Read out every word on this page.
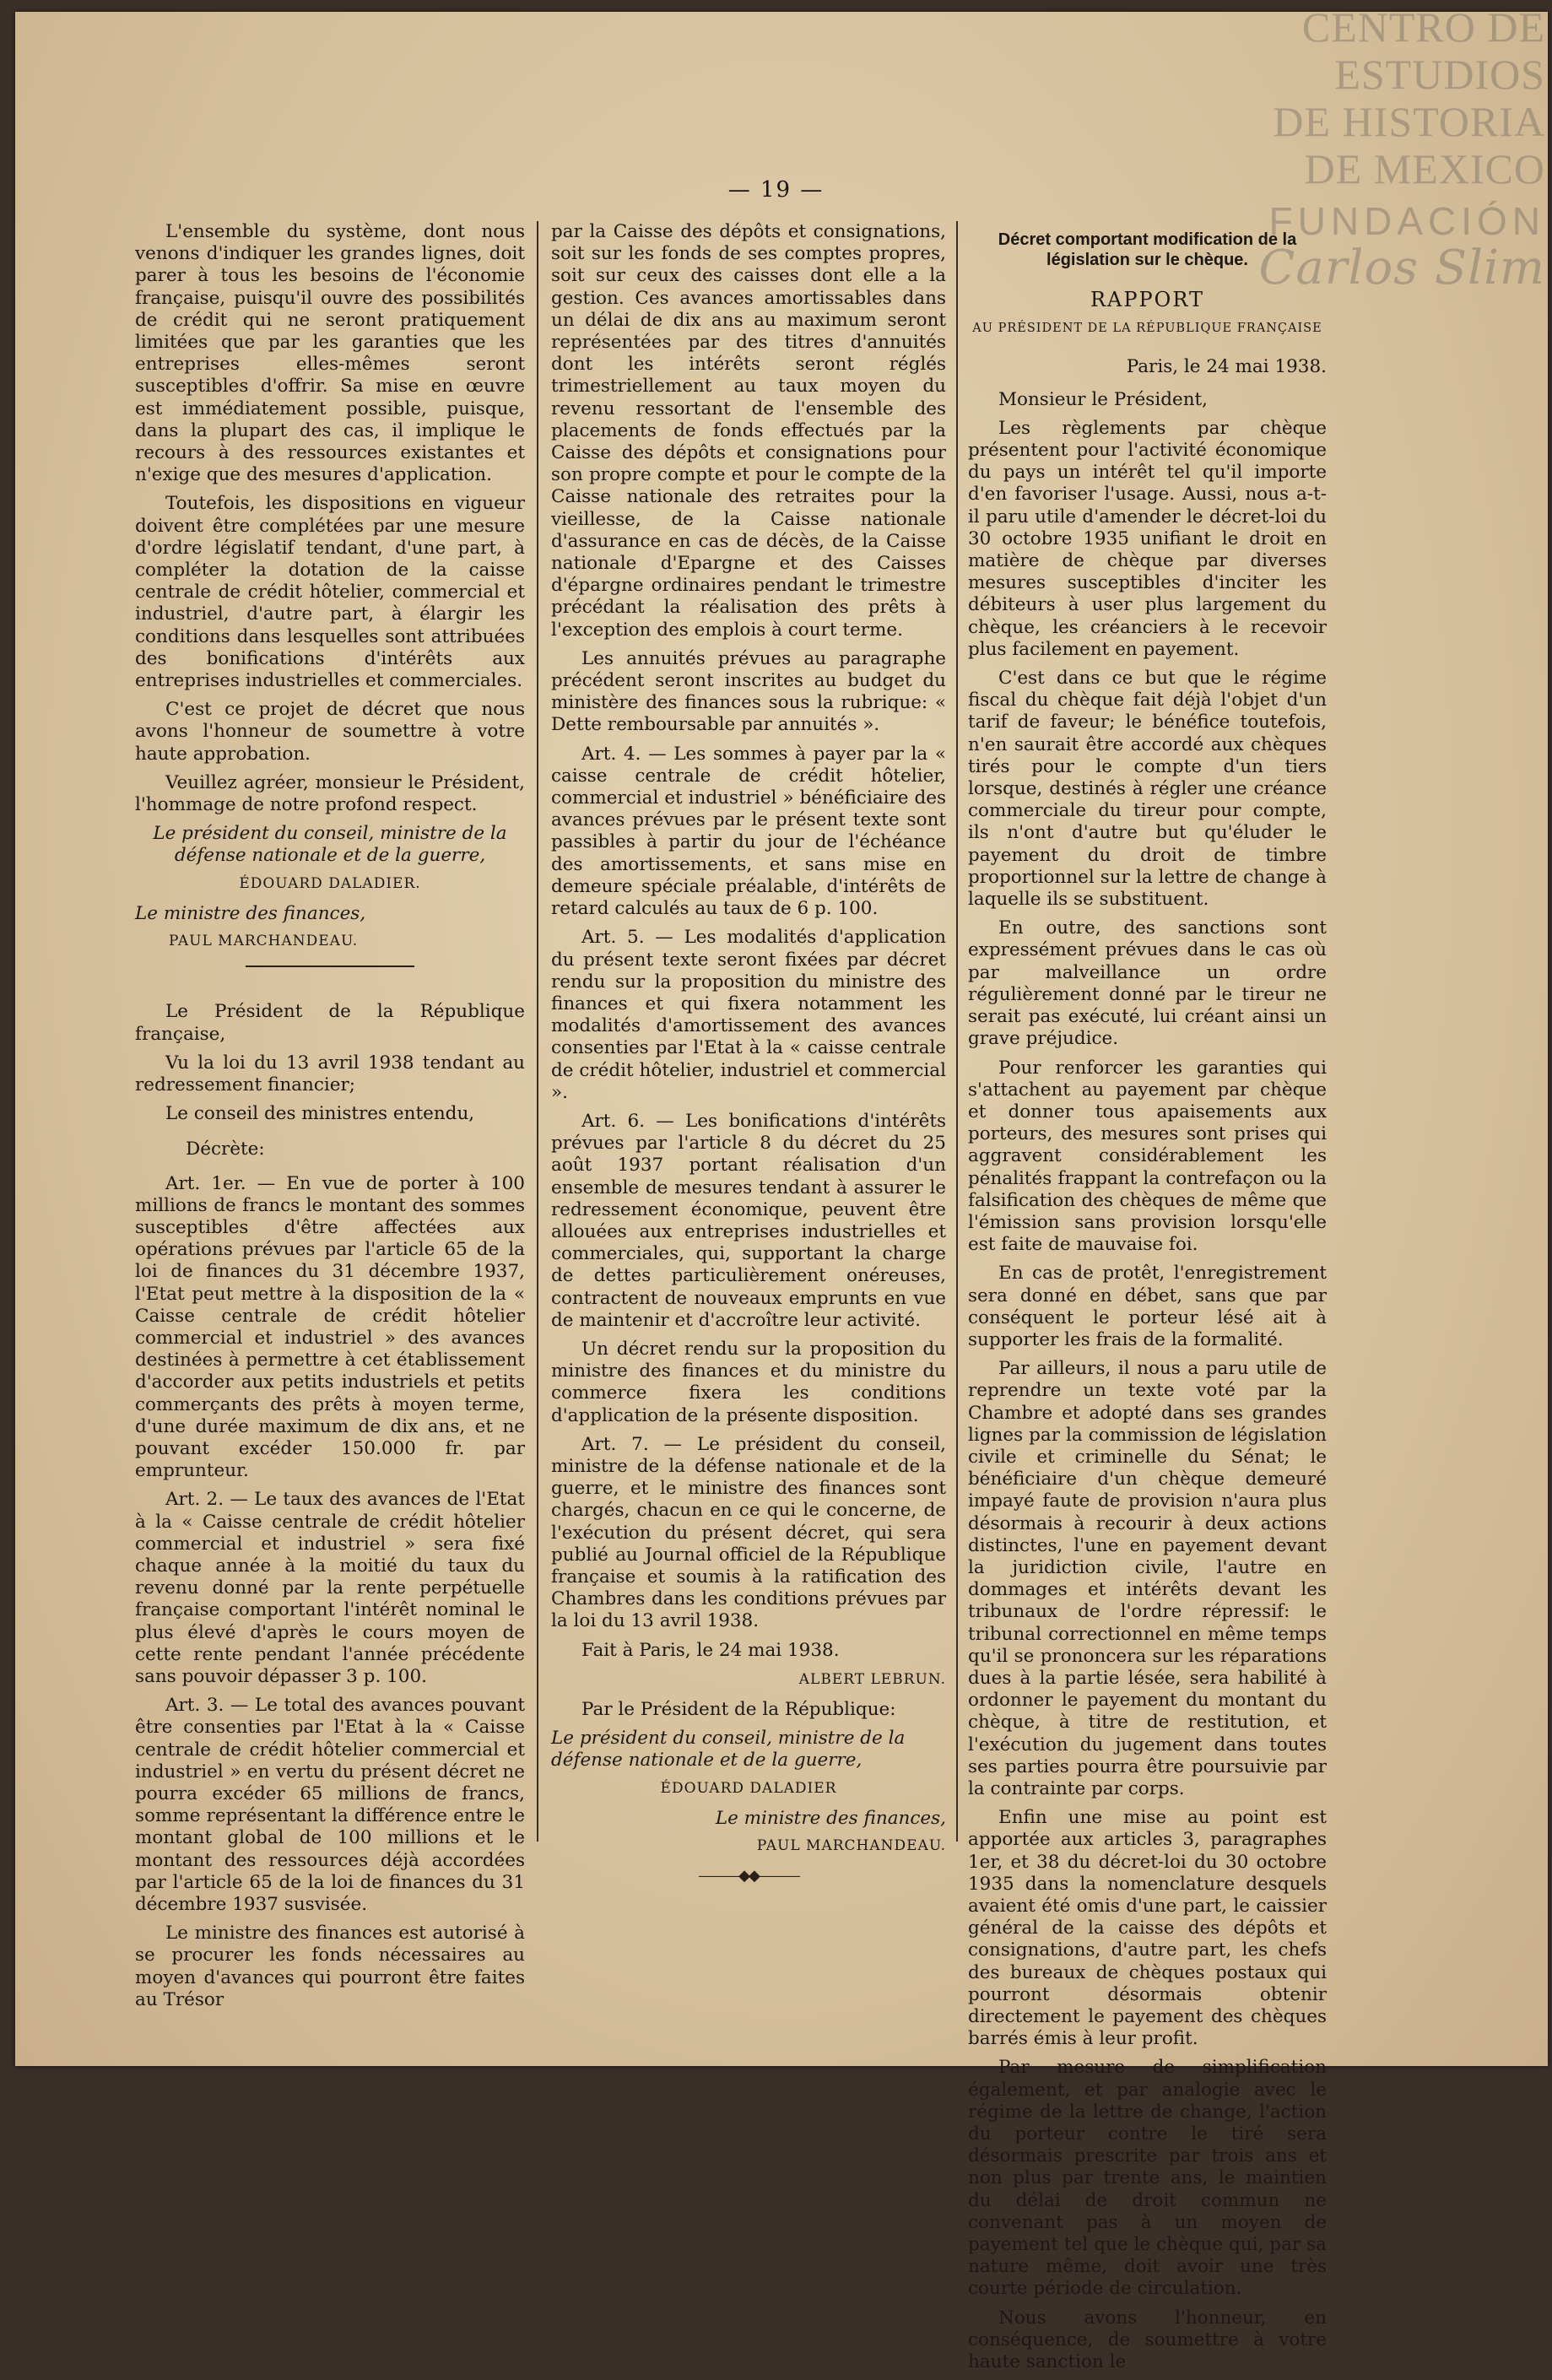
CENTRO DE
ESTUDIOS
DE HISTORIA
DE MEXICO
FUNDACIÓN
Carlos Slim
— 19 —

L'ensemble du système, dont nous venons d'indiquer les grandes lignes, doit parer à tous les besoins de l'économie française, puisqu'il ouvre des possibilités de crédit qui ne seront pratiquement limitées que par les garanties que les entreprises elles-mêmes seront susceptibles d'offrir. Sa mise en œuvre est immédiatement possible, puisque, dans la plupart des cas, il implique le recours à des ressources existantes et n'exige que des mesures d'application.

Toutefois, les dispositions en vigueur doivent être complétées par une mesure d'ordre législatif tendant, d'une part, à compléter la dotation de la caisse centrale de crédit hôtelier, commercial et industriel, d'autre part, à élargir les conditions dans lesquelles sont attribuées des bonifications d'intérêts aux entreprises industrielles et commerciales.

C'est ce projet de décret que nous avons l'honneur de soumettre à votre haute approbation.

Veuillez agréer, monsieur le Président, l'hommage de notre profond respect.

Le président du conseil, ministre de la défense nationale et de la guerre,
ÉDOUARD DALADIER.
Le ministre des finances,
PAUL MARCHANDEAU.

Le Président de la République française,

Vu la loi du 13 avril 1938 tendant au redressement financier;

Le conseil des ministres entendu,

Décrète:

Art. 1er. — En vue de porter à 100 millions de francs le montant des sommes susceptibles d'être affectées aux opérations prévues par l'article 65 de la loi de finances du 31 décembre 1937, l'Etat peut mettre à la disposition de la « Caisse centrale de crédit hôtelier commercial et industriel » des avances destinées à permettre à cet établissement d'accorder aux petits industriels et petits commerçants des prêts à moyen terme, d'une durée maximum de dix ans, et ne pouvant excéder 150.000 fr. par emprunteur.

Art. 2. — Le taux des avances de l'Etat à la « Caisse centrale de crédit hôtelier commercial et industriel » sera fixé chaque année à la moitié du taux du revenu donné par la rente perpétuelle française comportant l'intérêt nominal le plus élevé d'après le cours moyen de cette rente pendant l'année précédente sans pouvoir dépasser 3 p. 100.

Art. 3. — Le total des avances pouvant être consenties par l'Etat à la « Caisse centrale de crédit hôtelier commercial et industriel » en vertu du présent décret ne pourra excéder 65 millions de francs, somme représentant la différence entre le montant global de 100 millions et le montant des ressources déjà accordées par l'article 65 de la loi de finances du 31 décembre 1937 susvisée.

Le ministre des finances est autorisé à se procurer les fonds nécessaires au moyen d'avances qui pourront être faites au Trésor

par la Caisse des dépôts et consignations, soit sur les fonds de ses comptes propres, soit sur ceux des caisses dont elle a la gestion. Ces avances amortissables dans un délai de dix ans au maximum seront représentées par des titres d'annuités dont les intérêts seront réglés trimestriellement au taux moyen du revenu ressortant de l'ensemble des placements de fonds effectués par la Caisse des dépôts et consignations pour son propre compte et pour le compte de la Caisse nationale des retraites pour la vieillesse, de la Caisse nationale d'assurance en cas de décès, de la Caisse nationale d'Epargne et des Caisses d'épargne ordinaires pendant le trimestre précédant la réalisation des prêts à l'exception des emplois à court terme.

Les annuités prévues au paragraphe précédent seront inscrites au budget du ministère des finances sous la rubrique: « Dette remboursable par annuités ».

Art. 4. — Les sommes à payer par la « caisse centrale de crédit hôtelier, commercial et industriel » bénéficiaire des avances prévues par le présent texte sont passibles à partir du jour de l'échéance des amortissements, et sans mise en demeure spéciale préalable, d'intérêts de retard calculés au taux de 6 p. 100.

Art. 5. — Les modalités d'application du présent texte seront fixées par décret rendu sur la proposition du ministre des finances et qui fixera notamment les modalités d'amortissement des avances consenties par l'Etat à la « caisse centrale de crédit hôtelier, industriel et commercial ».

Art. 6. — Les bonifications d'intérêts prévues par l'article 8 du décret du 25 août 1937 portant réalisation d'un ensemble de mesures tendant à assurer le redressement économique, peuvent être allouées aux entreprises industrielles et commerciales, qui, supportant la charge de dettes particulièrement onéreuses, contractent de nouveaux emprunts en vue de maintenir et d'accroître leur activité.

Un décret rendu sur la proposition du ministre des finances et du ministre du commerce fixera les conditions d'application de la présente disposition.

Art. 7. — Le président du conseil, ministre de la défense nationale et de la guerre, et le ministre des finances sont chargés, chacun en ce qui le concerne, de l'exécution du présent décret, qui sera publié au Journal officiel de la République française et soumis à la ratification des Chambres dans les conditions prévues par la loi du 13 avril 1938.

Fait à Paris, le 24 mai 1938.

ALBERT LEBRUN.

Par le Président de la République:

Le président du conseil, ministre de la défense nationale et de la guerre,
ÉDOUARD DALADIER
Le ministre des finances,
PAUL MARCHANDEAU.
———◆◆———
Décret comportant modification de la législation sur le chèque.
RAPPORT
AU PRÉSIDENT DE LA RÉPUBLIQUE FRANÇAISE
Paris, le 24 mai 1938.

Monsieur le Président,

Les règlements par chèque présentent pour l'activité économique du pays un intérêt tel qu'il importe d'en favoriser l'usage. Aussi, nous a-t-il paru utile d'amender le décret-loi du 30 octobre 1935 unifiant le droit en matière de chèque par diverses mesures susceptibles d'inciter les débiteurs à user plus largement du chèque, les créanciers à le recevoir plus facilement en payement.

C'est dans ce but que le régime fiscal du chèque fait déjà l'objet d'un tarif de faveur; le bénéfice toutefois, n'en saurait être accordé aux chèques tirés pour le compte d'un tiers lorsque, destinés à régler une créance commerciale du tireur pour compte, ils n'ont d'autre but qu'éluder le payement du droit de timbre proportionnel sur la lettre de change à laquelle ils se substituent.

En outre, des sanctions sont expressément prévues dans le cas où par malveillance un ordre régulièrement donné par le tireur ne serait pas exécuté, lui créant ainsi un grave préjudice.

Pour renforcer les garanties qui s'attachent au payement par chèque et donner tous apaisements aux porteurs, des mesures sont prises qui aggravent considérablement les pénalités frappant la contrefaçon ou la falsification des chèques de même que l'émission sans provision lorsqu'elle est faite de mauvaise foi.

En cas de protêt, l'enregistrement sera donné en débet, sans que par conséquent le porteur lésé ait à supporter les frais de la formalité.

Par ailleurs, il nous a paru utile de reprendre un texte voté par la Chambre et adopté dans ses grandes lignes par la commission de législation civile et criminelle du Sénat; le bénéficiaire d'un chèque demeuré impayé faute de provision n'aura plus désormais à recourir à deux actions distinctes, l'une en payement devant la juridiction civile, l'autre en dommages et intérêts devant les tribunaux de l'ordre répressif: le tribunal correctionnel en même temps qu'il se prononcera sur les réparations dues à la partie lésée, sera habilité à ordonner le payement du montant du chèque, à titre de restitution, et l'exécution du jugement dans toutes ses parties pourra être poursuivie par la contrainte par corps.

Enfin une mise au point est apportée aux articles 3, paragraphes 1er, et 38 du décret-loi du 30 octobre 1935 dans la nomenclature desquels avaient été omis d'une part, le caissier général de la caisse des dépôts et consignations, d'autre part, les chefs des bureaux de chèques postaux qui pourront désormais obtenir directement le payement des chèques barrés émis à leur profit.

Par mesure de simplification également, et par analogie avec le régime de la lettre de change, l'action du porteur contre le tiré sera désormais prescrite par trois ans et non plus par trente ans, le maintien du délai de droit commun ne convenant pas à un moyen de payement tel que le chèque qui, par sa nature même, doit avoir une très courte période de circulation.

Nous avons l'honneur, en conséquence, de soumettre à votre haute sanction le
